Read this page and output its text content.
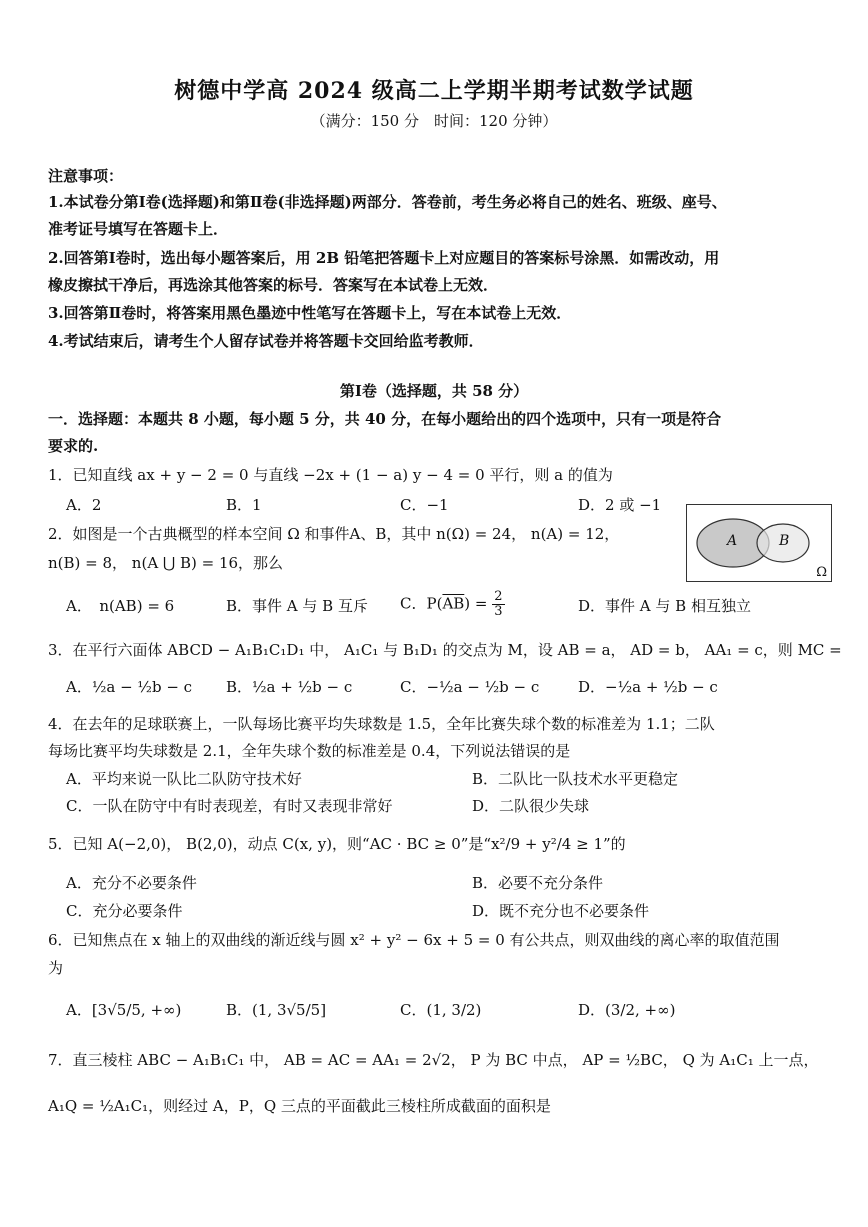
树德中学高 2024 级高二上学期半期考试数学试题
（满分：150 分　时间：120 分钟）
注意事项：
1.本试卷分第Ⅰ卷(选择题)和第Ⅱ卷(非选择题)两部分．答卷前，考生务必将自己的姓名、班级、座号、
准考证号填写在答题卡上．
2.回答第Ⅰ卷时，选出每小题答案后，用 2B 铅笔把答题卡上对应题目的答案标号涂黑．如需改动，用
橡皮擦拭干净后，再选涂其他答案的标号．答案写在本试卷上无效．
3.回答第Ⅱ卷时，将答案用黑色墨迹中性笔写在答题卡上，写在本试卷上无效．
4.考试结束后，请考生个人留存试卷并将答题卡交回给监考教师．
第Ⅰ卷（选择题，共 58 分）
一．选择题：本题共 8 小题，每小题 5 分，共 40 分，在每小题给出的四个选项中，只有一项是符合
要求的.
1．已知直线 ax + y − 2 = 0 与直线 −2x + (1 − a) y − 4 = 0 平行，则 a 的值为
A．2	B．1	C．−1	D．2 或 −1
2．如图是一个古典概型的样本空间 Ω 和事件A、B，其中 n(Ω) = 24， n(A) = 12，
n(B) = 8， n(A ⋃ B) = 16，那么
A	B
Ω
A．　n(AB) = 6	B．事件 A 与 B 互斥 C．$P(\overline{AB}) = \frac{2}{3}$	D．事件 A 与 B 相互独立
3．在平行六面体 ABCD − A₁B₁C₁D₁ 中， A₁C₁ 与 B₁D₁ 的交点为 M，设 AB = a， AD = b， AA₁ = c，则 MC =
A．½a − ½b − c B．½a + ½b − c	C．−½a − ½b − c	D．−½a + ½b − c
4．在去年的足球联赛上，一队每场比赛平均失球数是 1.5，全年比赛失球个数的标准差为 1.1；二队
每场比赛平均失球数是 2.1，全年失球个数的标准差是 0.4，下列说法错误的是
A．平均来说一队比二队防守技术好	B．二队比一队技术水平更稳定
C．一队在防守中有时表现差，有时又表现非常好	D．二队很少失球
5．已知 A(−2,0)， B(2,0)，动点 C(x, y)，则“AC · BC ≥ 0”是“x²/9 + y²/4 ≥ 1”的
A．充分不必要条件	B．必要不充分条件
C．充分必要条件	D．既不充分也不必要条件
6．已知焦点在 x 轴上的双曲线的渐近线与圆 x² + y² − 6x + 5 = 0 有公共点，则双曲线的离心率的取值范围
为
A．[3√5/5, +∞)	B．(1, 3√5/5]	C．(1, 3/2)	D．(3/2, +∞)
7．直三棱柱 ABC − A₁B₁C₁ 中， AB = AC = AA₁ = 2√2， P 为 BC 中点， AP = ½BC， Q 为 A₁C₁ 上一点，
A₁Q = ½A₁C₁，则经过 A，P，Q 三点的平面截此三棱柱所成截面的面积是
